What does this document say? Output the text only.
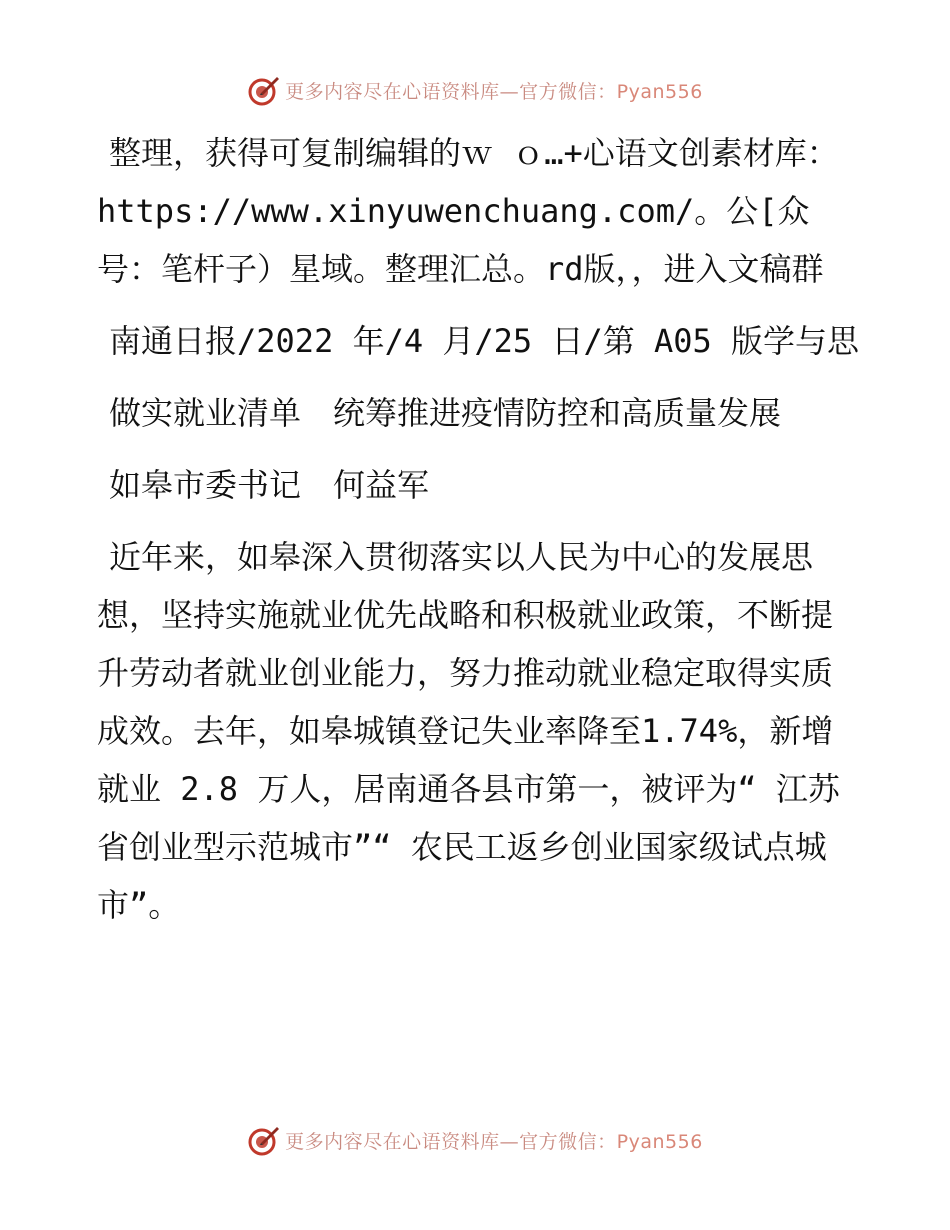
更多内容尽在心语资料库—官方微信：Pyan556

整理，获得可复制编辑的ｗ ｏ…+心语文创素材库：https://www.xinyuwenchuang.com/。公[众号：笔杆子）星域。整理汇总。rd版，，进入文稿群

南通日报/2022 年/4 月/25 日/第 A05 版学与思

做实就业清单　统筹推进疫情防控和高质量发展

如皋市委书记　何益军

近年来，如皋深入贯彻落实以人民为中心的发展思想，坚持实施就业优先战略和积极就业政策，不断提升劳动者就业创业能力，努力推动就业稳定取得实质成效。去年，如皋城镇登记失业率降至1.74%，新增就业 2.8 万人，居南通各县市第一，被评为“ 江苏省创业型示范城市”“ 农民工返乡创业国家级试点城市”。

更多内容尽在心语资料库—官方微信：Pyan556
